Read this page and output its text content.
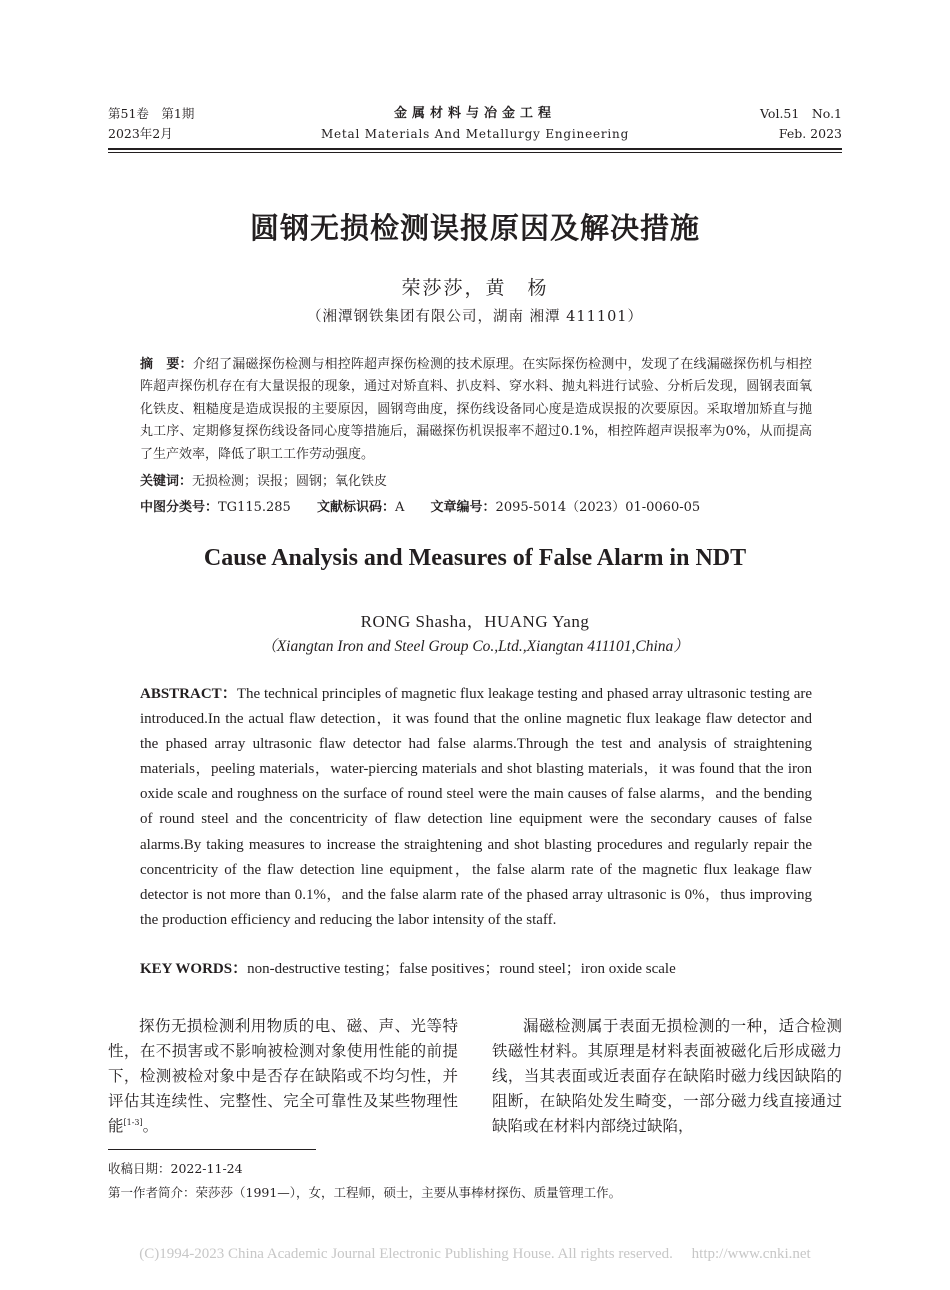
第51卷　第1期
2023年2月
金属材料与冶金工程
Metal Materials And Metallurgy Engineering
Vol.51　No.1
Feb. 2023
圆钢无损检测误报原因及解决措施
荣莎莎，黄　杨
（湘潭钢铁集团有限公司，湖南 湘潭 411101）
摘　要：介绍了漏磁探伤检测与相控阵超声探伤检测的技术原理。在实际探伤检测中，发现了在线漏磁探伤机与相控阵超声探伤机存在有大量误报的现象，通过对矫直料、扒皮料、穿水料、抛丸料进行试验、分析后发现，圆钢表面氧化铁皮、粗糙度是造成误报的主要原因，圆钢弯曲度，探伤线设备同心度是造成误报的次要原因。采取增加矫直与抛丸工序、定期修复探伤线设备同心度等措施后，漏磁探伤机误报率不超过0.1%，相控阵超声误报率为0%，从而提高了生产效率，降低了职工工作劳动强度。
关键词：无损检测；误报；圆钢；氧化铁皮
中图分类号：TG115.285 文献标识码：A 文章编号：2095-5014（2023）01-0060-05
Cause Analysis and Measures of False Alarm in NDT
RONG Shasha，HUANG Yang
（Xiangtan Iron and Steel Group Co.,Ltd.,Xiangtan 411101,China）
ABSTRACT：The technical principles of magnetic flux leakage testing and phased array ultrasonic testing are introduced.In the actual flaw detection，it was found that the online magnetic flux leakage flaw detector and the phased array ultrasonic flaw detector had false alarms.Through the test and analysis of straightening materials，peeling materials，water-piercing materials and shot blasting materials，it was found that the iron oxide scale and roughness on the surface of round steel were the main causes of false alarms，and the bending of round steel and the concentricity of flaw detection line equipment were the secondary causes of false alarms.By taking measures to increase the straightening and shot blasting procedures and regularly repair the concentricity of the flaw detection line equipment，the false alarm rate of the magnetic flux leakage flaw detector is not more than 0.1%，and the false alarm rate of the phased array ultrasonic is 0%，thus improving the production efficiency and reducing the labor intensity of the staff.
KEY WORDS：non-destructive testing；false positives；round steel；iron oxide scale

探伤无损检测利用物质的电、磁、声、光等特性，在不损害或不影响被检测对象使用性能的前提下，检测被检对象中是否存在缺陷或不均匀性，并评估其连续性、完整性、完全可靠性及某些物理性能[1-3]。

漏磁检测属于表面无损检测的一种，适合检测铁磁性材料。其原理是材料表面被磁化后形成磁力线，当其表面或近表面存在缺陷时磁力线因缺陷的阻断，在缺陷处发生畸变，一部分磁力线直接通过缺陷或在材料内部绕过缺陷，

收稿日期：2022-11-24
第一作者简介：荣莎莎（1991—），女，工程师，硕士，主要从事棒材探伤、质量管理工作。
(C)1994-2023 China Academic Journal Electronic Publishing House. All rights reserved.　 http://www.cnki.net
